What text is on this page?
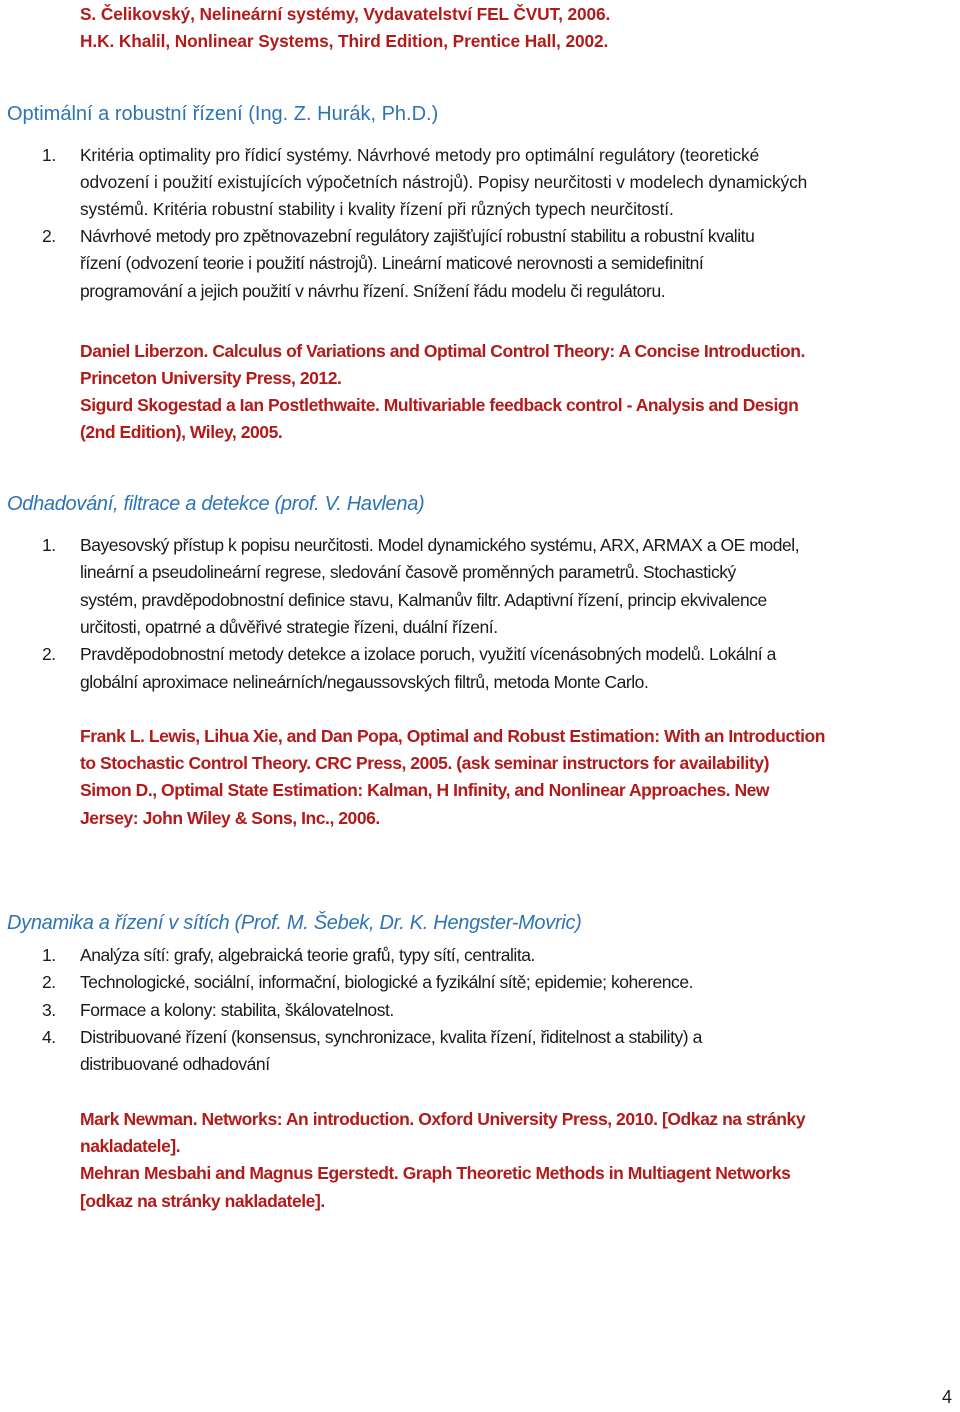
S. Čelikovský, Nelineární systémy, Vydavatelství FEL ČVUT, 2006.
H.K. Khalil, Nonlinear Systems, Third Edition, Prentice Hall, 2002.
Optimální a robustní řízení (Ing. Z. Hurák, Ph.D.)
1. Kritéria optimality pro řídicí systémy. Návrhové metody pro optimální regulátory (teoretické
odvození i použití existujících výpočetních nástrojů). Popisy neurčitosti v modelech dynamických
systémů. Kritéria robustní stability i kvality řízení při různých typech neurčitostí.
2. Návrhové metody pro zpětnovazební regulátory zajišťující robustní stabilitu a robustní kvalitu
řízení (odvození teorie i použití nástrojů). Lineární maticové nerovnosti a semidefinitní
programování a jejich použití v návrhu řízení. Snížení řádu modelu či regulátoru.
Daniel Liberzon. Calculus of Variations and Optimal Control Theory: A Concise Introduction.
Princeton University Press, 2012.
Sigurd Skogestad a Ian Postlethwaite. Multivariable feedback control - Analysis and Design
(2nd Edition), Wiley, 2005.
Odhadování, filtrace a detekce (prof. V. Havlena)
1. Bayesovský přístup k popisu neurčitosti. Model dynamického systému, ARX, ARMAX a OE model,
lineární a pseudolineární regrese, sledování časově proměnných parametrů. Stochastický
systém, pravděpodobnostní definice stavu, Kalmanův filtr. Adaptivní řízení, princip ekvivalence
určitosti, opatrné a důvěřivé strategie řízeni, duální řízení.
2. Pravděpodobnostní metody detekce a izolace poruch, využití vícenásobných modelů. Lokální a
globální aproximace nelineárních/negaussovských filtrů, metoda Monte Carlo.
Frank L. Lewis, Lihua Xie, and Dan Popa, Optimal and Robust Estimation: With an Introduction
to Stochastic Control Theory. CRC Press, 2005. (ask seminar instructors for availability)
Simon D., Optimal State Estimation: Kalman, H Infinity, and Nonlinear Approaches. New
Jersey: John Wiley & Sons, Inc., 2006.
Dynamika a řízení v sítích (Prof. M. Šebek, Dr. K. Hengster-Movric)
1. Analýza sítí: grafy, algebraická teorie grafů, typy sítí, centralita.
2. Technologické, sociální, informační, biologické a fyzikální sítě; epidemie; koherence.
3. Formace a kolony: stabilita, škálovatelnost.
4. Distribuované řízení (konsensus, synchronizace, kvalita řízení, řiditelnost a stability) a
distribuované odhadování
Mark Newman. Networks: An introduction. Oxford University Press, 2010. [Odkaz na stránky
nakladatele].
Mehran Mesbahi and Magnus Egerstedt. Graph Theoretic Methods in Multiagent Networks
[odkaz na stránky nakladatele].
4
